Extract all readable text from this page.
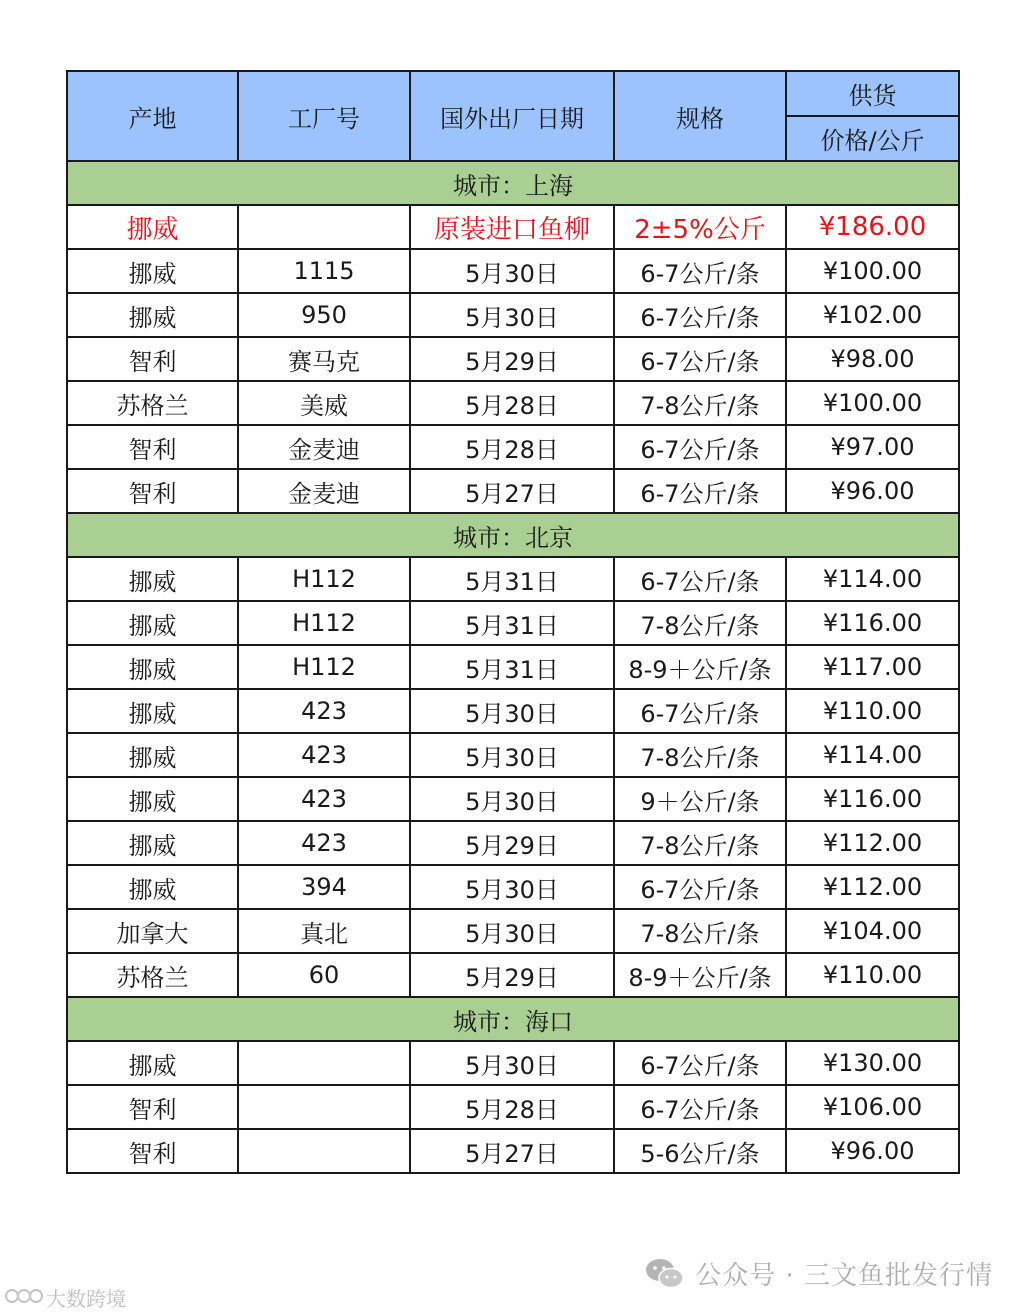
产地	工厂号	国外出厂日期	规格	供货
				价格/公斤
城市：上海				
挪威		原装进口鱼柳	2±5%公斤	¥186.00
挪威	1115	5月30日	6-7公斤/条	¥100.00
挪威	950	5月30日	6-7公斤/条	¥102.00
智利	赛马克	5月29日	6-7公斤/条	¥98.00
苏格兰	美威	5月28日	7-8公斤/条	¥100.00
智利	金麦迪	5月28日	6-7公斤/条	¥97.00
智利	金麦迪	5月27日	6-7公斤/条	¥96.00
城市：北京				
挪威	H112	5月31日	6-7公斤/条	¥114.00
挪威	H112	5月31日	7-8公斤/条	¥116.00
挪威	H112	5月31日	8-9＋公斤/条	¥117.00
挪威	423	5月30日	6-7公斤/条	¥110.00
挪威	423	5月30日	7-8公斤/条	¥114.00
挪威	423	5月30日	9＋公斤/条	¥116.00
挪威	423	5月29日	7-8公斤/条	¥112.00
挪威	394	5月30日	6-7公斤/条	¥112.00
加拿大	真北	5月30日	7-8公斤/条	¥104.00
苏格兰	60	5月29日	8-9＋公斤/条	¥110.00
城市：海口				
挪威		5月30日	6-7公斤/条	¥130.00
智利		5月28日	6-7公斤/条	¥106.00
智利		5月27日	5-6公斤/条	¥96.00
公众号 · 三文鱼批发行情
大数跨境
